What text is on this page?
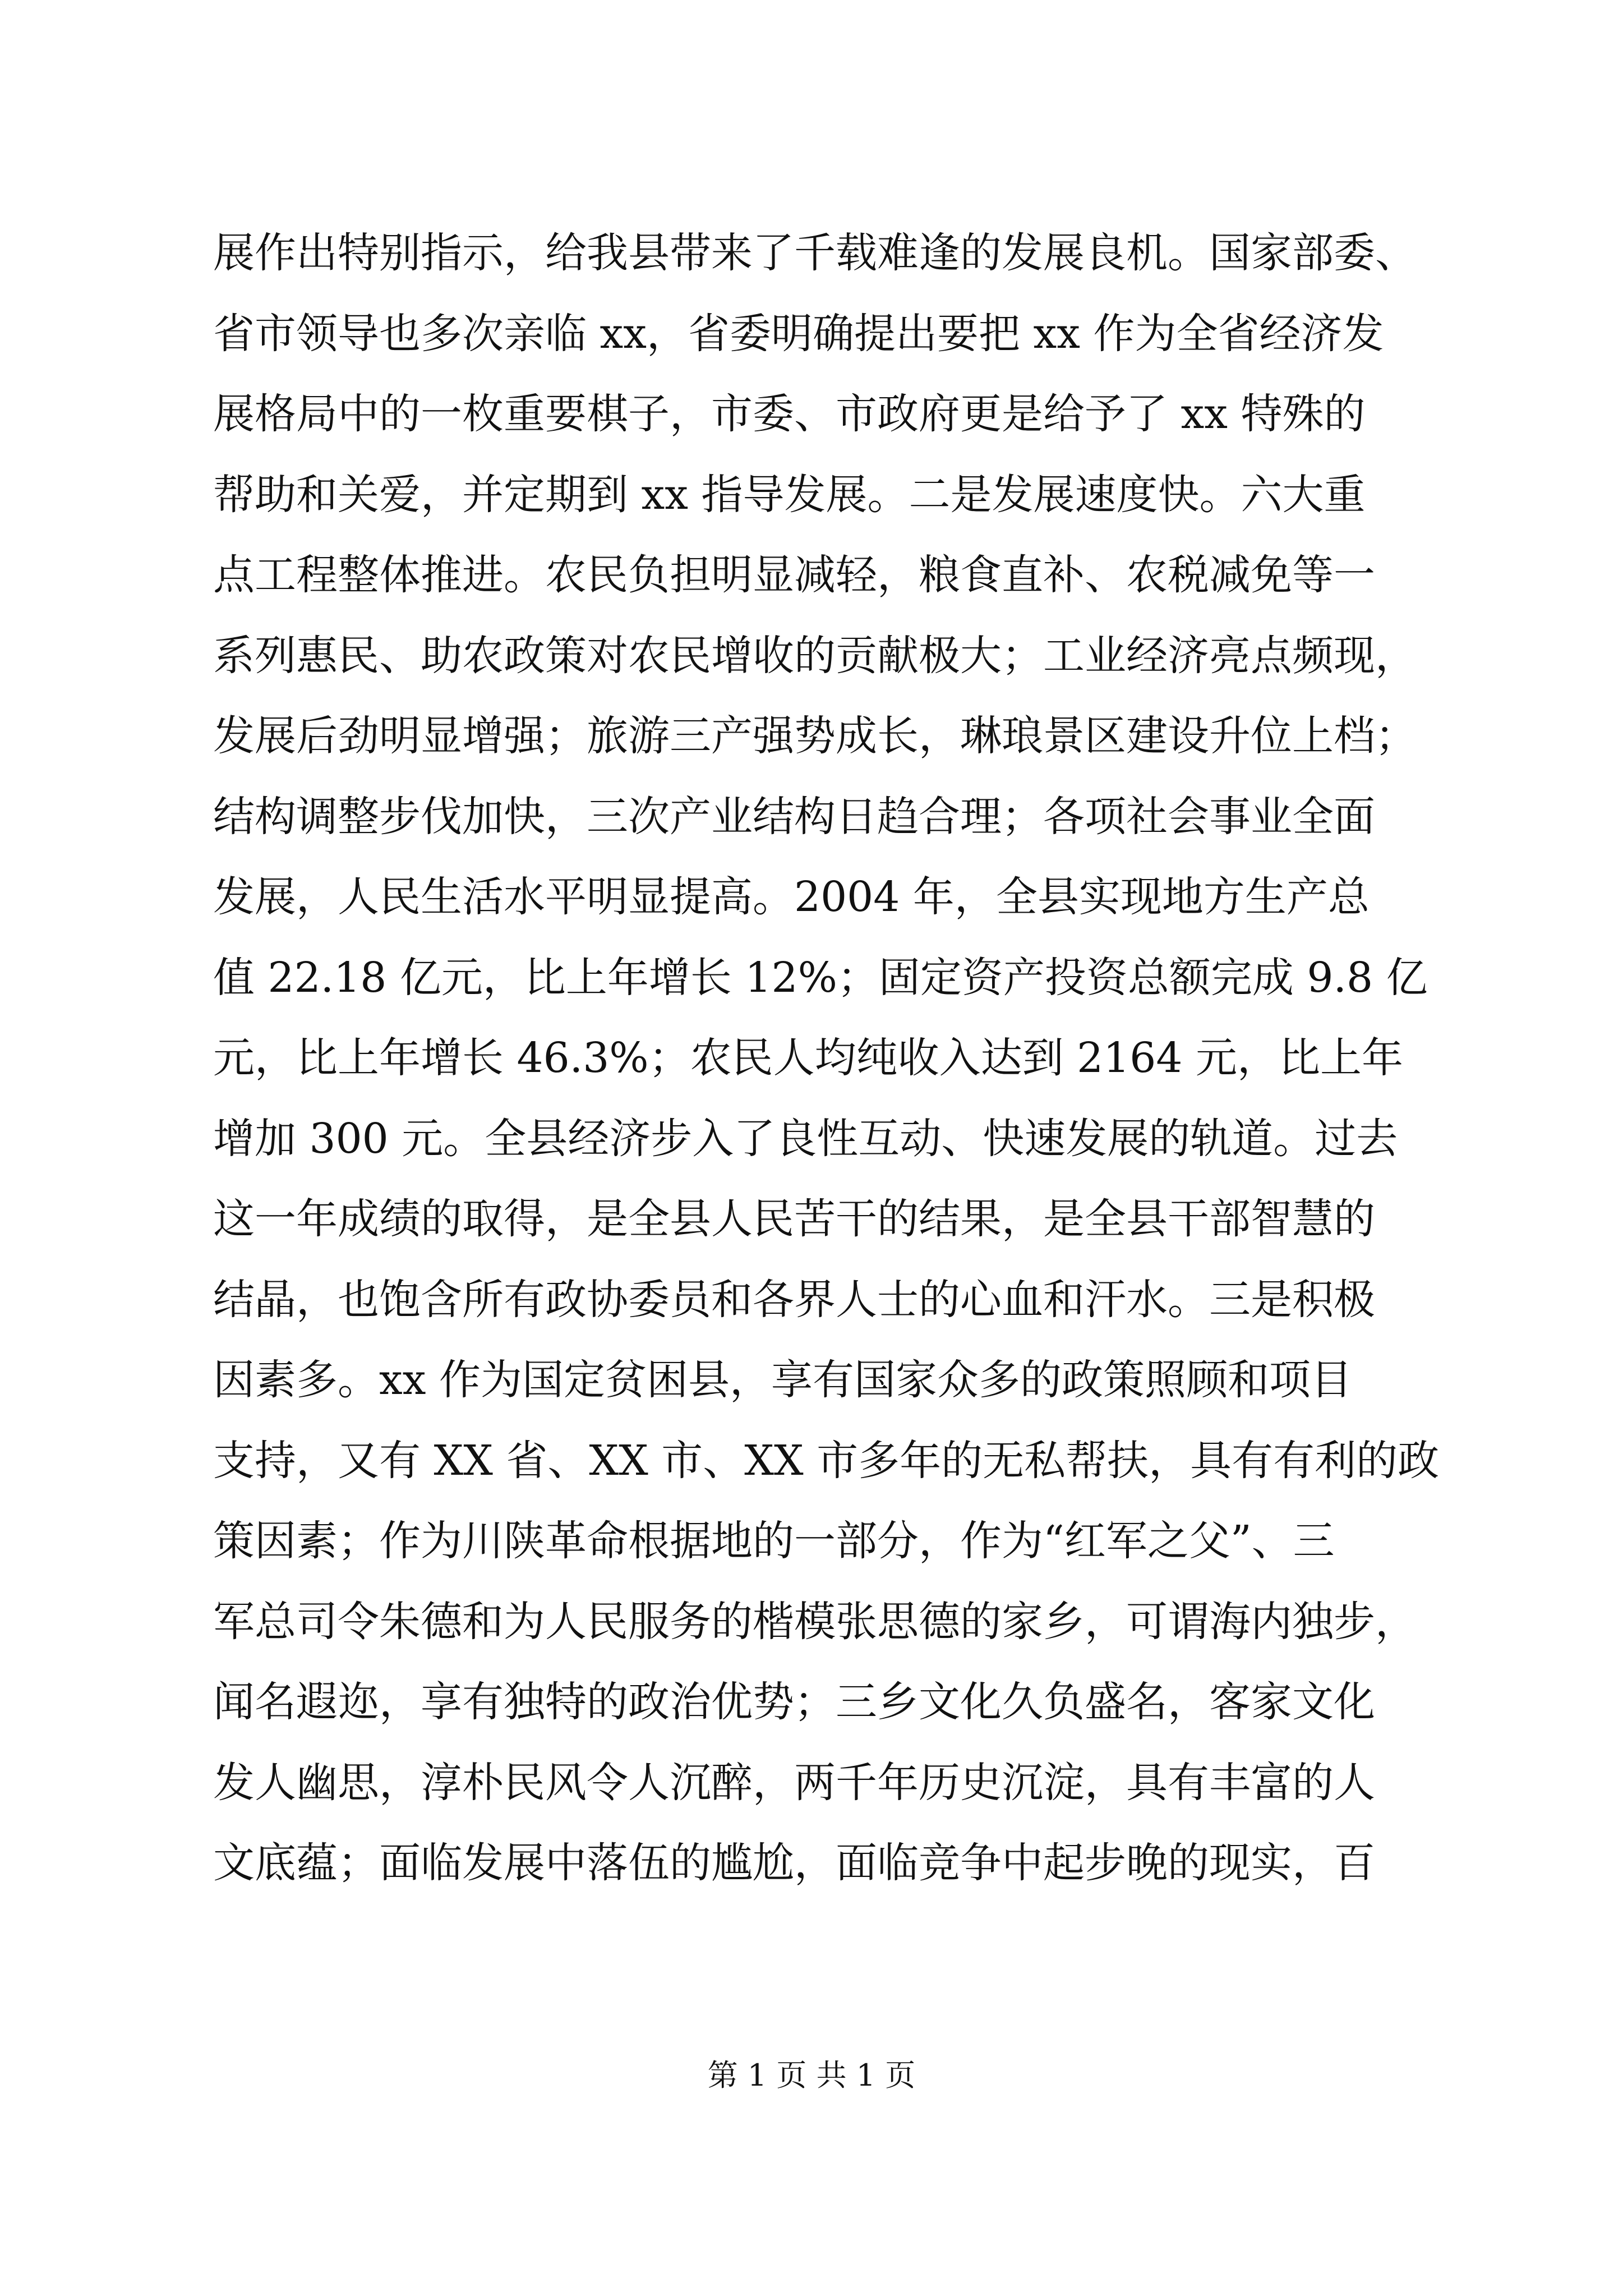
展作出特别指示，给我县带来了千载难逢的发展良机。国家部委、
省市领导也多次亲临 xx，省委明确提出要把 xx 作为全省经济发
展格局中的一枚重要棋子，市委、市政府更是给予了 xx 特殊的
帮助和关爱，并定期到 xx 指导发展。二是发展速度快。六大重
点工程整体推进。农民负担明显减轻，粮食直补、农税减免等一
系列惠民、助农政策对农民增收的贡献极大；工业经济亮点频现，
发展后劲明显增强；旅游三产强势成长，琳琅景区建设升位上档；
结构调整步伐加快，三次产业结构日趋合理；各项社会事业全面
发展，人民生活水平明显提高。2004 年，全县实现地方生产总
值 22.18 亿元，比上年增长 12%；固定资产投资总额完成 9.8 亿
元，比上年增长 46.3%；农民人均纯收入达到 2164 元，比上年
增加 300 元。全县经济步入了良性互动、快速发展的轨道。过去
这一年成绩的取得，是全县人民苦干的结果，是全县干部智慧的
结晶，也饱含所有政协委员和各界人士的心血和汗水。三是积极
因素多。xx 作为国定贫困县，享有国家众多的政策照顾和项目
支持，又有 XX 省、XX 市、XX 市多年的无私帮扶，具有有利的政
策因素；作为川陕革命根据地的一部分，作为“红军之父”、三
军总司令朱德和为人民服务的楷模张思德的家乡，可谓海内独步，
闻名遐迩，享有独特的政治优势；三乡文化久负盛名，客家文化
发人幽思，淳朴民风令人沉醉，两千年历史沉淀，具有丰富的人
文底蕴；面临发展中落伍的尴尬，面临竞争中起步晚的现实，百
第 1 页 共 1 页
